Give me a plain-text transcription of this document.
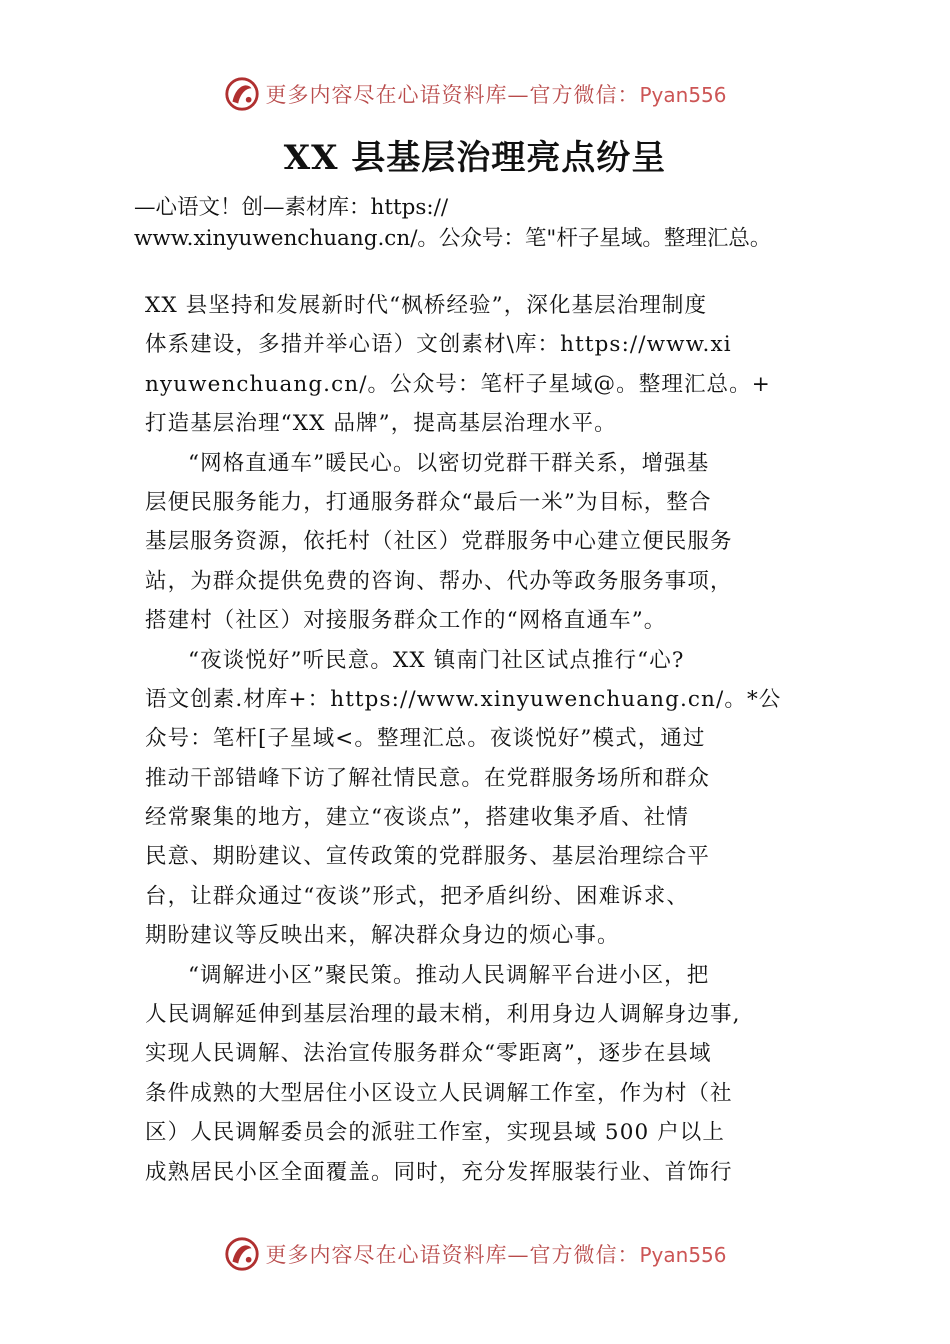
更多内容尽在心语资料库—官方微信：Pyan556
XX 县基层治理亮点纷呈
—心语文！创—素材库：https://
www.xinyuwenchuang.cn/。公众号：笔"杆子星域。整理汇总。
XX 县坚持和发展新时代“枫桥经验”，深化基层治理制度
体系建设，多措并举心语）文创素材\库：https://www.xi
nyuwenchuang.cn/。公众号：笔杆子星域@。整理汇总。+
打造基层治理“XX 品牌”，提高基层治理水平。
“网格直通车”暖民心。以密切党群干群关系，增强基
层便民服务能力，打通服务群众“最后一米”为目标，整合
基层服务资源，依托村（社区）党群服务中心建立便民服务
站，为群众提供免费的咨询、帮办、代办等政务服务事项，
搭建村（社区）对接服务群众工作的“网格直通车”。
“夜谈悦好”听民意。XX 镇南门社区试点推行“心?
语文创素.材库+：https://www.xinyuwenchuang.cn/。*公
众号：笔杆[子星域<。整理汇总。夜谈悦好”模式，通过
推动干部错峰下访了解社情民意。在党群服务场所和群众
经常聚集的地方，建立“夜谈点”，搭建收集矛盾、社情
民意、期盼建议、宣传政策的党群服务、基层治理综合平
台，让群众通过“夜谈”形式，把矛盾纠纷、困难诉求、
期盼建议等反映出来，解决群众身边的烦心事。
“调解进小区”聚民策。推动人民调解平台进小区，把
人民调解延伸到基层治理的最末梢，利用身边人调解身边事,
实现人民调解、法治宣传服务群众“零距离”，逐步在县域
条件成熟的大型居住小区设立人民调解工作室，作为村（社
区）人民调解委员会的派驻工作室，实现县域 500 户以上
成熟居民小区全面覆盖。同时，充分发挥服装行业、首饰行
更多内容尽在心语资料库—官方微信：Pyan556
